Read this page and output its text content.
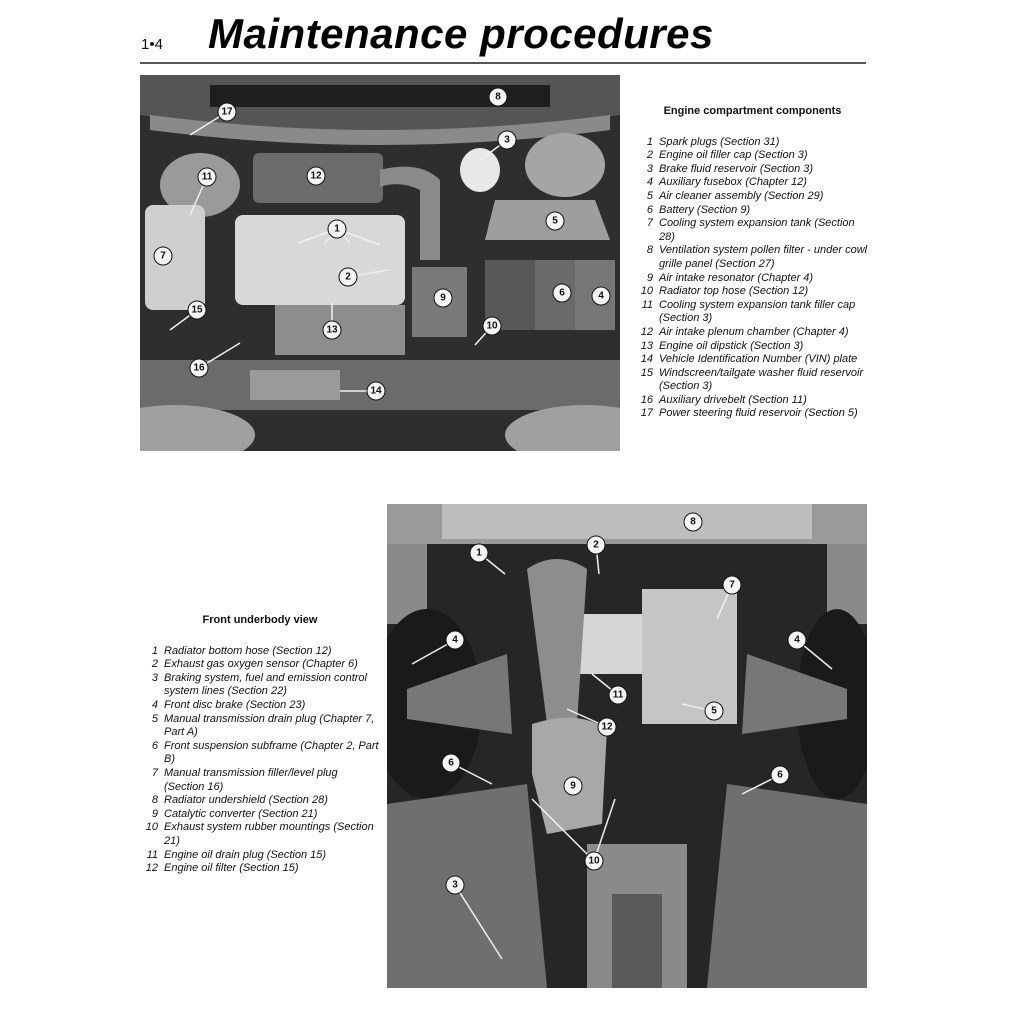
1•4 Maintenance procedures
1
2
3
4
5
6
7
8
9
10
11	12
13
14
15
16
17
1
2
3
4	4
5
6
6
7
8
9
10
11
12
Engine compartment components
1 Spark plugs (Section 31)
2 Engine oil filler cap (Section 3)
3 Brake fluid reservoir (Section 3)
4 Auxiliary fusebox (Chapter 12)
5 Air cleaner assembly (Section 29)
6 Battery (Section 9)
7 Cooling system expansion tank (Section 28)
8 Ventilation system pollen filter - under cowl grille panel (Section 27)
9 Air intake resonator (Chapter 4)
10 Radiator top hose (Section 12)
11 Cooling system expansion tank filler cap (Section 3)
12 Air intake plenum chamber (Chapter 4)
13 Engine oil dipstick (Section 3)
14 Vehicle Identification Number (VIN) plate
15 Windscreen/tailgate washer fluid reservoir (Section 3)
16 Auxiliary drivebelt (Section 11)
17 Power steering fluid reservoir (Section 5)
Front underbody view
1 Radiator bottom hose (Section 12)
2 Exhaust gas oxygen sensor (Chapter 6)
3 Braking system, fuel and emission control system lines (Section 22)
4 Front disc brake (Section 23)
5 Manual transmission drain plug (Chapter 7, Part A)
6 Front suspension subframe (Chapter 2, Part B)
7 Manual transmission filler/level plug (Section 16)
8 Radiator undershield (Section 28)
9 Catalytic converter (Section 21)
10 Exhaust system rubber mountings (Section 21)
11 Engine oil drain plug (Section 15)
12 Engine oil filter (Section 15)
